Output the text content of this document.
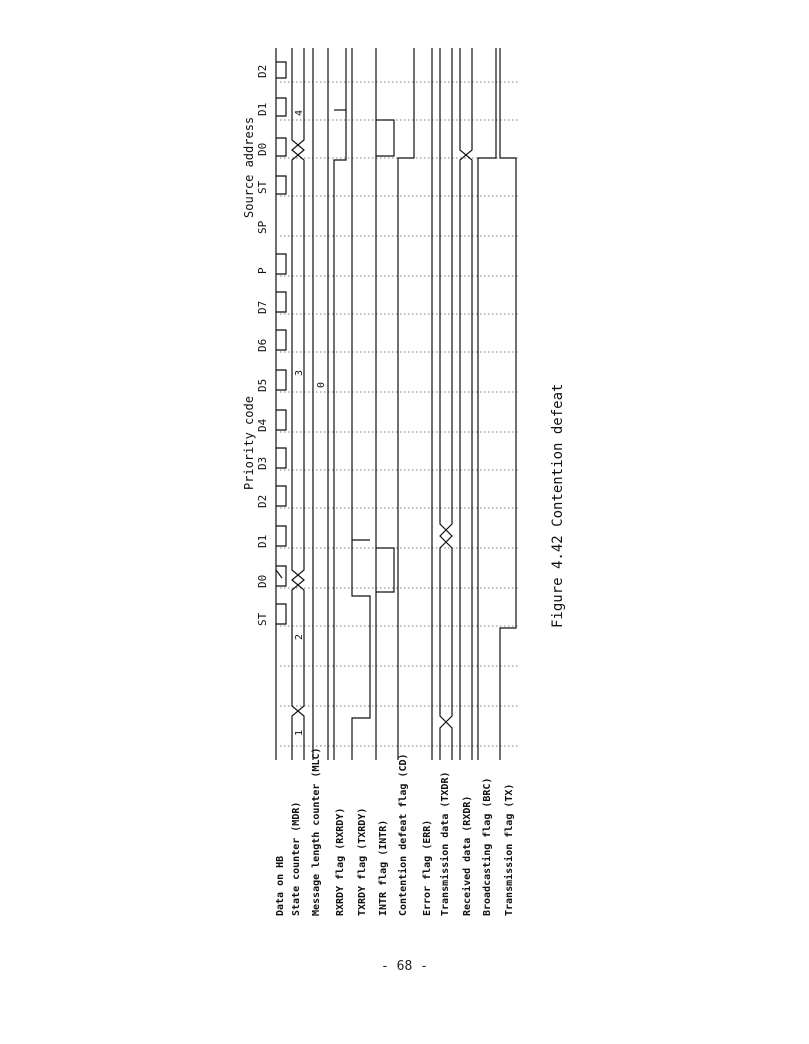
ST
D0
D1
D2
D3
D4
D5
D6
D7
P
SP
ST
D0
D1
D2
Priority code
Source address
1
2
3
4
0
Data on HB State counter (MDR) Message length counter (MLC) RXRDY flag (RXRDY) TXRDY flag (TXRDY) INTR flag (INTR) Contention defeat flag (CD) Error flag (ERR) Transmission data (TXDR) Received data (RXDR) Broadcasting flag (BRC) Transmission flag (TX)
Figure 4.42 Contention defeat
- 68 -
